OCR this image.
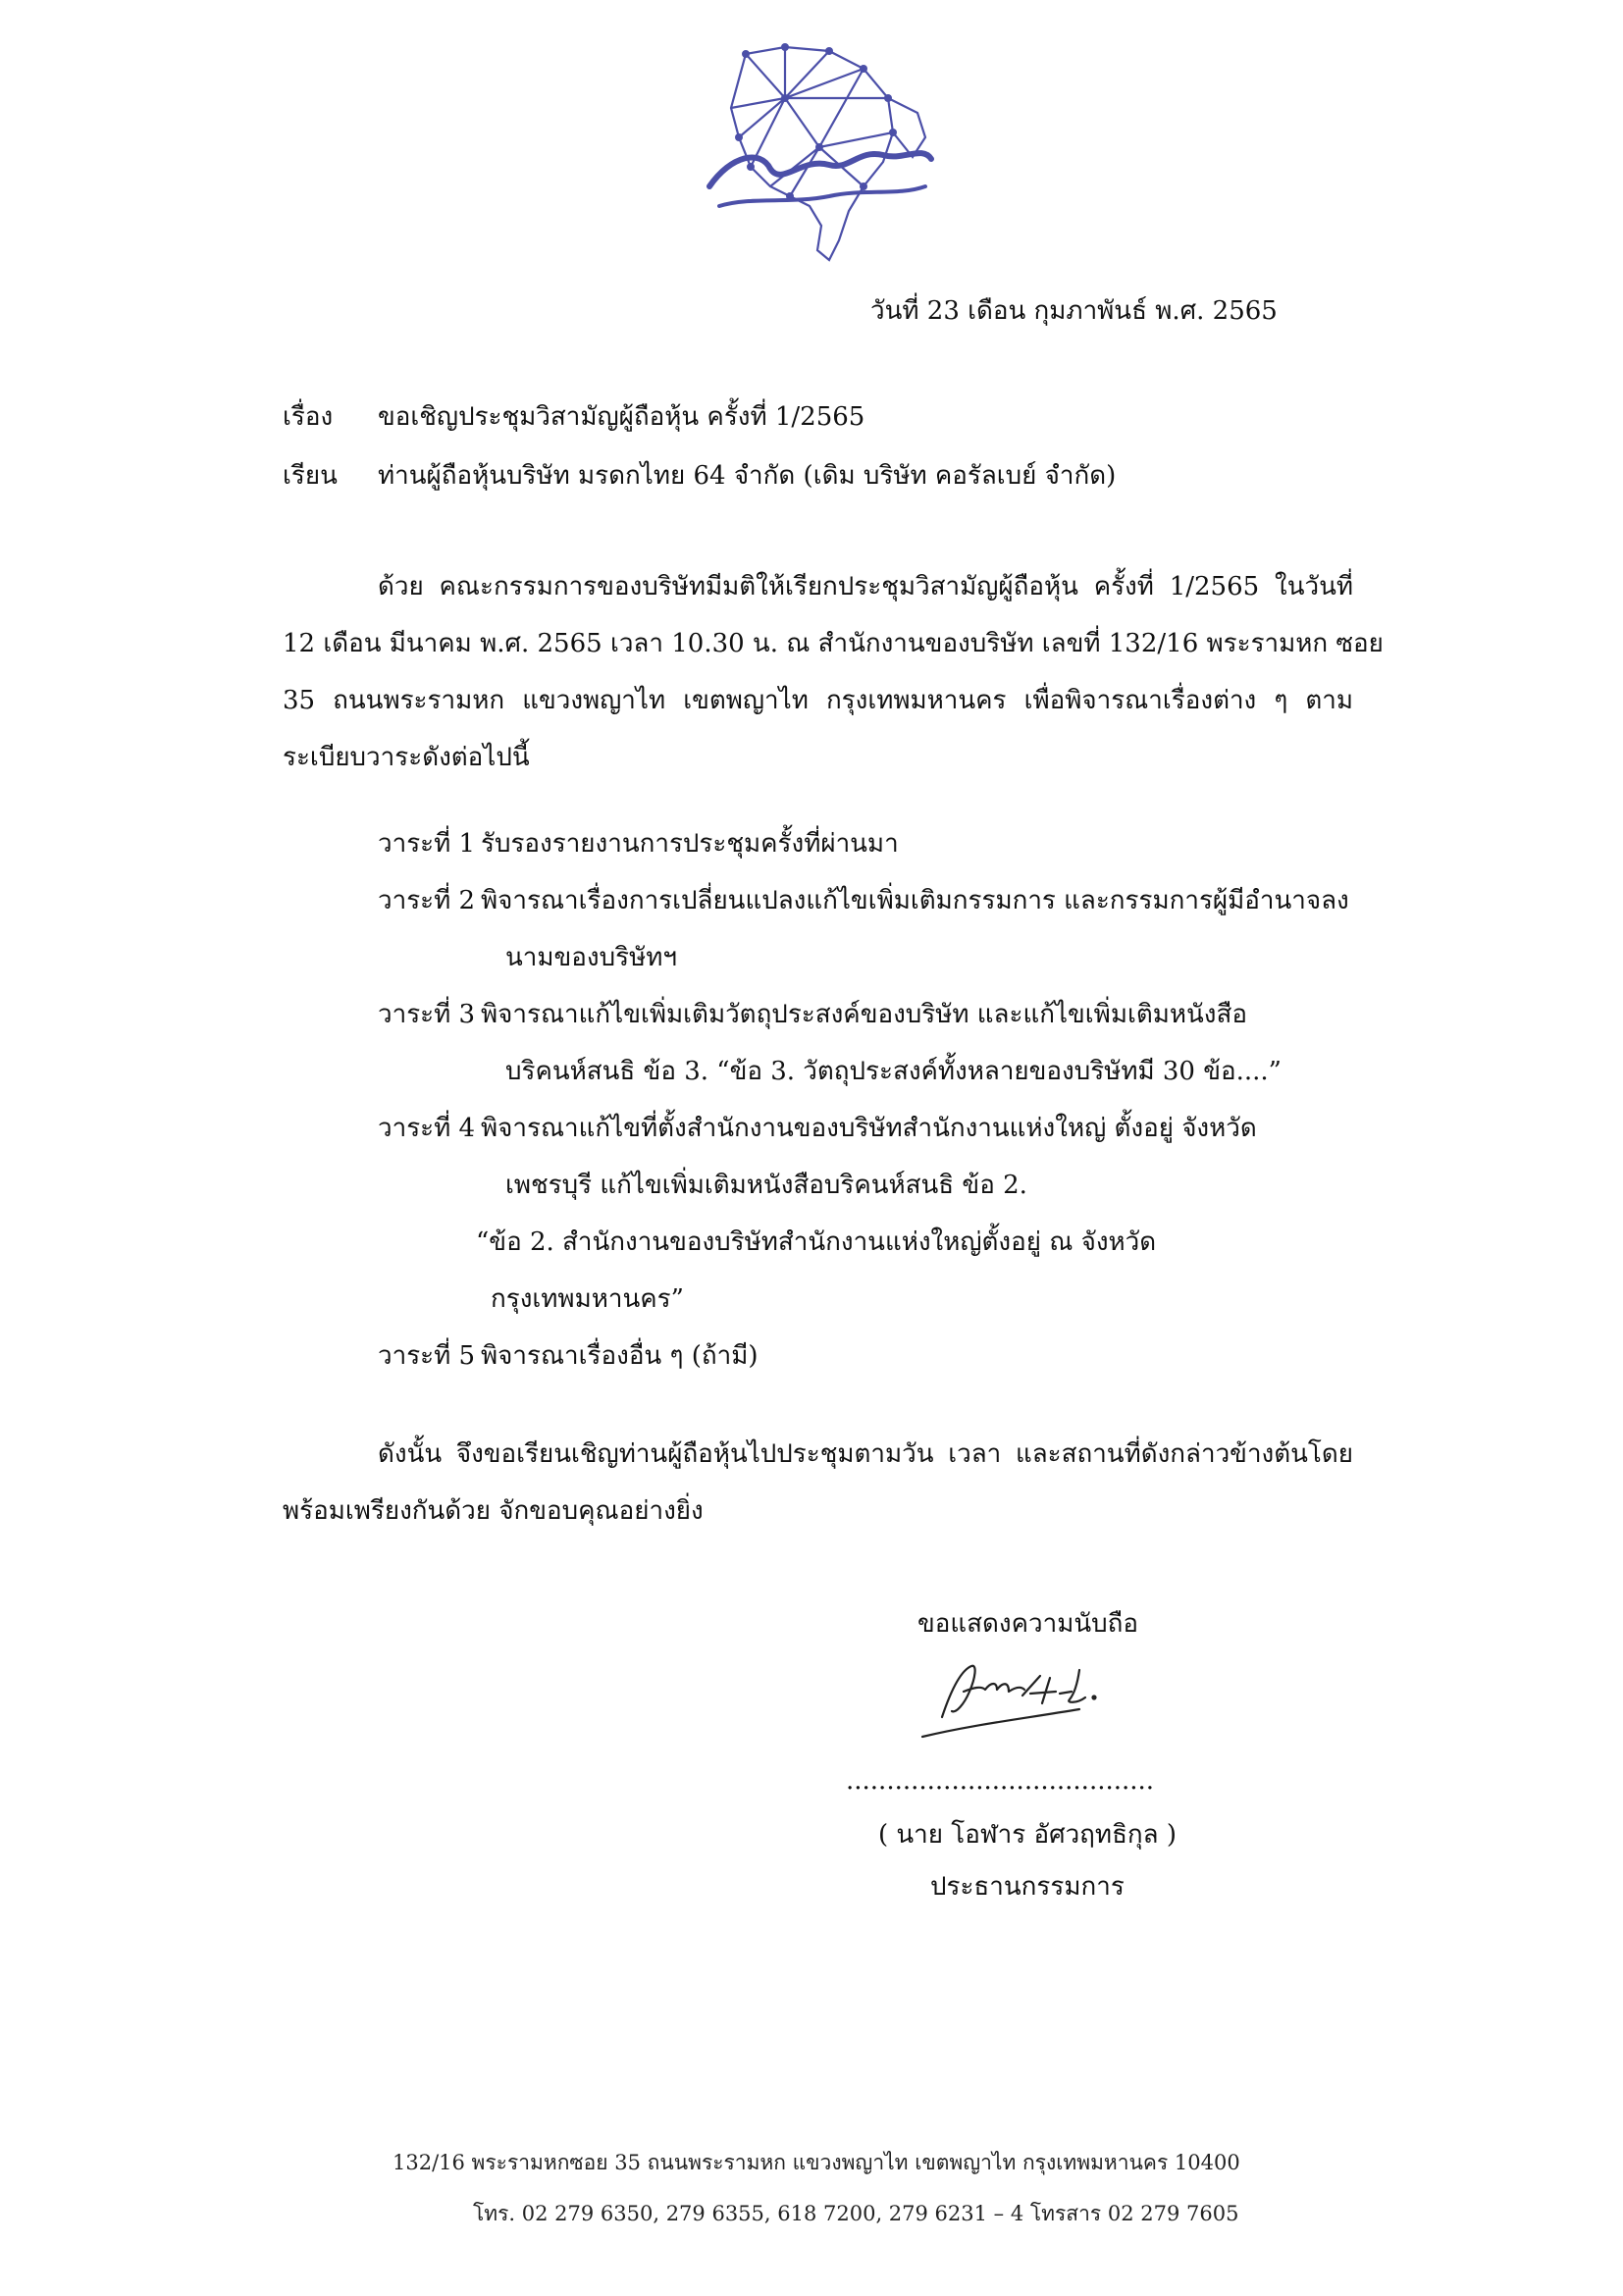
วันที่ 23 เดือน กุมภาพันธ์ พ.ศ. 2565
เรื่อง ขอเชิญประชุมวิสามัญผู้ถือหุ้น ครั้งที่ 1/2565
เรียน ท่านผู้ถือหุ้นบริษัท มรดกไทย 64 จำกัด (เดิม บริษัท คอรัลเบย์ จำกัด)
ด้วย คณะกรรมการของบริษัทมีมติให้เรียกประชุมวิสามัญผู้ถือหุ้น ครั้งที่ 1/2565 ในวันที่
12 เดือน มีนาคม พ.ศ. 2565 เวลา 10.30 น. ณ สำนักงานของบริษัท เลขที่ 132/16 พระรามหก ซอย
35 ถนนพระรามหก แขวงพญาไท เขตพญาไท กรุงเทพมหานคร เพื่อพิจารณาเรื่องต่าง ๆ ตาม
ระเบียบวาระดังต่อไปนี้
วาระที่ 1 รับรองรายงานการประชุมครั้งที่ผ่านมา
วาระที่ 2 พิจารณาเรื่องการเปลี่ยนแปลงแก้ไขเพิ่มเติมกรรมการ และกรรมการผู้มีอำนาจลง
นามของบริษัทฯ
วาระที่ 3 พิจารณาแก้ไขเพิ่มเติมวัตถุประสงค์ของบริษัท และแก้ไขเพิ่มเติมหนังสือ
บริคนห์สนธิ ข้อ 3. “ข้อ 3. วัตถุประสงค์ทั้งหลายของบริษัทมี 30 ข้อ....”
วาระที่ 4 พิจารณาแก้ไขที่ตั้งสำนักงานของบริษัทสำนักงานแห่งใหญ่ ตั้งอยู่ จังหวัด
เพชรบุรี แก้ไขเพิ่มเติมหนังสือบริคนห์สนธิ ข้อ 2.
“ข้อ 2. สำนักงานของบริษัทสำนักงานแห่งใหญ่ตั้งอยู่ ณ จังหวัด
กรุงเทพมหานคร”
วาระที่ 5 พิจารณาเรื่องอื่น ๆ (ถ้ามี)
ดังนั้น จึงขอเรียนเชิญท่านผู้ถือหุ้นไปประชุมตามวัน เวลา และสถานที่ดังกล่าวข้างต้นโดย
พร้อมเพรียงกันด้วย จักขอบคุณอย่างยิ่ง
ขอแสดงความนับถือ
......................................
( นาย โอฬาร อัศวฤทธิกุล )
ประธานกรรมการ
132/16 พระรามหกซอย 35 ถนนพระรามหก แขวงพญาไท เขตพญาไท กรุงเทพมหานคร 10400
โทร. 02 279 6350, 279 6355, 618 7200, 279 6231 – 4 โทรสาร 02 279 7605
